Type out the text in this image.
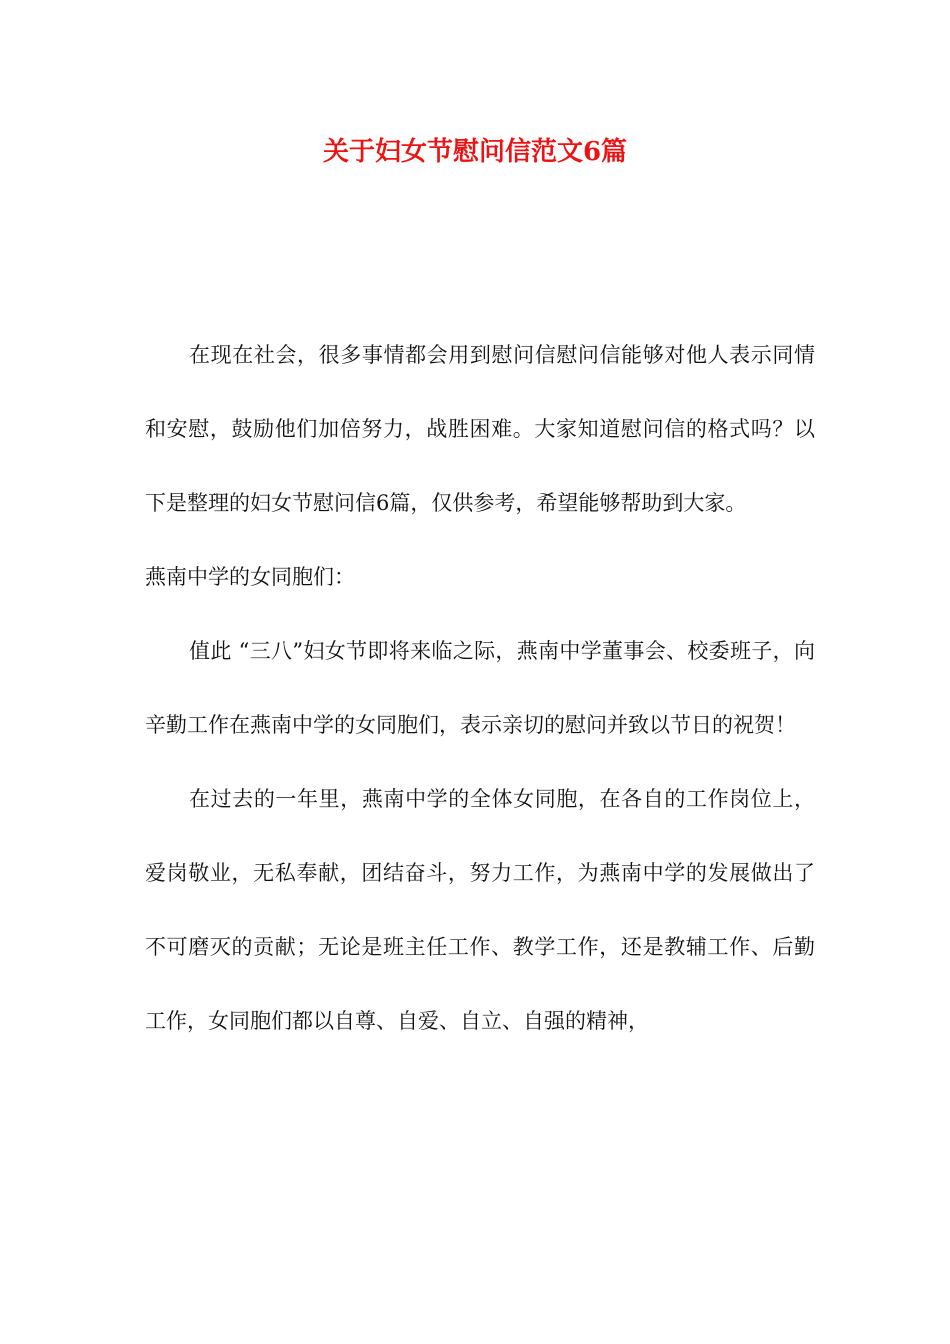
关于妇女节慰问信范文6篇

在现在社会，很多事情都会用到慰问信慰问信能够对他人表示同情和安慰，鼓励他们加倍努力，战胜困难。大家知道慰问信的格式吗？以下是整理的妇女节慰问信6篇，仅供参考，希望能够帮助到大家。

燕南中学的女同胞们：

值此 “三八”妇女节即将来临之际，燕南中学董事会、校委班子，向辛勤工作在燕南中学的女同胞们，表示亲切的慰问并致以节日的祝贺！

在过去的一年里，燕南中学的全体女同胞，在各自的工作岗位上，爱岗敬业，无私奉献，团结奋斗，努力工作，为燕南中学的发展做出了不可磨灭的贡献；无论是班主任工作、教学工作，还是教辅工作、后勤工作，女同胞们都以自尊、自爱、自立、自强的精神，
